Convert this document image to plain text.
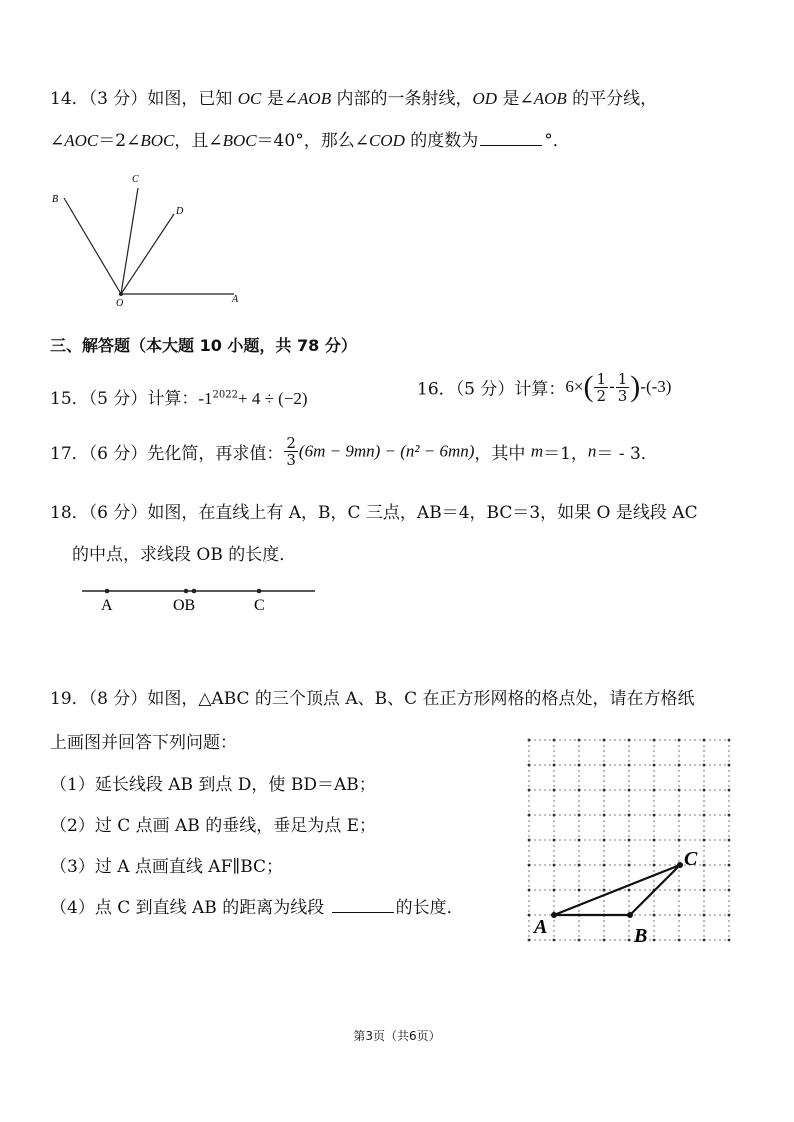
14．（3 分）如图，已知 OC 是∠AOB 内部的一条射线，OD 是∠AOB 的平分线，
∠AOC＝2∠BOC，且∠BOC＝40°，那么∠COD 的度数为	°．
B
C
D
O	A
三、解答题（本大题 10 小题，共 78 分）
15．（5 分）计算：$-1^{2022}+ 4 \div (-2)$	16．（5 分）计算：$6\times( \frac{1}{2} - \frac{1}{3} )-(-3)$
17．（6 分）先化简，再求值： $\frac{2}{3} (6m - 9mn) - (n^2 - 6mn)$，其中 m＝1，n＝ - 3．
18．（6 分）如图，在直线上有 A，B，C 三点，AB＝4，BC＝3，如果 O 是线段 AC
的中点，求线段 OB 的长度．
A	OB	C
19．（8 分）如图，△ABC 的三个顶点 A、B、C 在正方形网格的格点处，请在方格纸
上画图并回答下列问题：
（1）延长线段 AB 到点 D，使 BD＝AB；
（2）过 C 点画 AB 的垂线，垂足为点 E；
（3）过 A 点画直线 AF∥BC；
（4）点 C 到直线 AB 的距离为线段	的长度．
A	B
C
第3页（共6页）
